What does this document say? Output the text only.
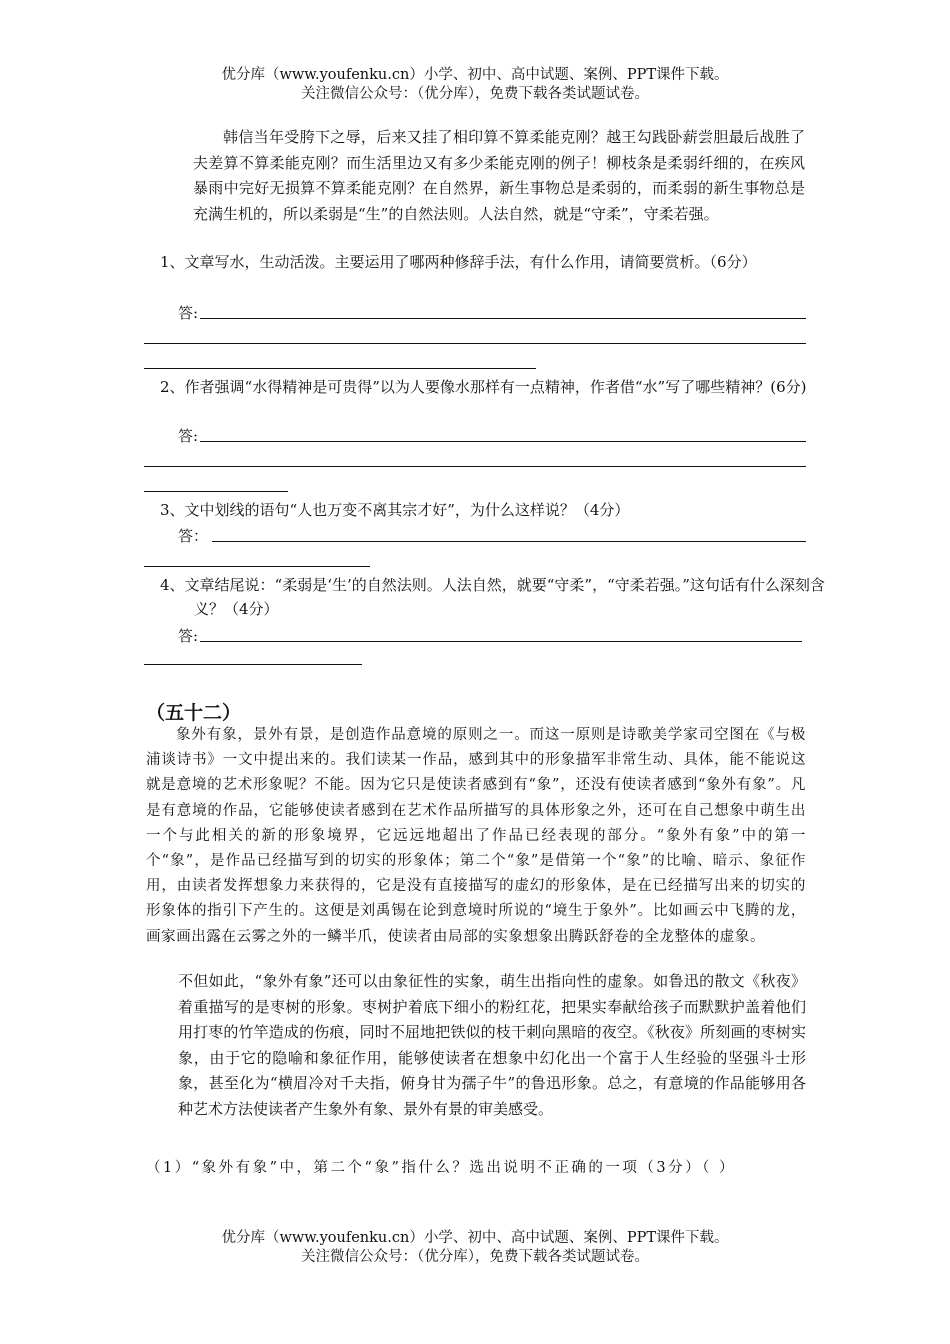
优分库（www.youfenku.cn）小学、初中、高中试题、案例、PPT课件下载。
关注微信公众号：（优分库），免费下载各类试题试卷。
韩信当年受胯下之辱，后来又挂了相印算不算柔能克刚？越王勾践卧薪尝胆最后战胜了夫差算不算柔能克刚？而生活里边又有多少柔能克刚的例子！柳枝条是柔弱纤细的，在疾风暴雨中完好无损算不算柔能克刚？在自然界，新生事物总是柔弱的，而柔弱的新生事物总是充满生机的，所以柔弱是“生”的自然法则。人法自然，就是“守柔”，守柔若强。
1、文章写水，生动活泼。主要运用了哪两种修辞手法，有什么作用，请简要赏析。（6分）
答:
2、作者强调“水得精神是可贵得”以为人要像水那样有一点精神，作者借“水”写了哪些精神？(6分)
答:
3、文中划线的语句“人也万变不离其宗才好”，为什么这样说？（4分）
答：
4、文章结尾说：“柔弱是‘生’的自然法则。人法自然，就要“守柔”，“守柔若强。”这句话有什么深刻含义？（4分）
答:
（五十二）
象外有象，景外有景，是创造作品意境的原则之一。而这一原则是诗歌美学家司空图在《与极浦谈诗书》一文中提出来的。我们读某一作品，感到其中的形象描军非常生动、具体，能不能说这就是意境的艺术形象呢？不能。因为它只是使读者感到有“象”，还没有使读者感到“象外有象”。凡是有意境的作品，它能够使读者感到在艺术作品所描写的具体形象之外，还可在自己想象中萌生出一个与此相关的新的形象境界，它远远地超出了作品已经表现的部分。“象外有象”中的第一个“象”，是作品已经描写到的切实的形象体；第二个“象”是借第一个“象”的比喻、暗示、象征作用，由读者发挥想象力来获得的，它是没有直接描写的虚幻的形象体，是在已经描写出来的切实的形象体的指引下产生的。这便是刘禹锡在论到意境时所说的“境生于象外”。比如画云中飞腾的龙，画家画出露在云雾之外的一鳞半爪，使读者由局部的实象想象出腾跃舒卷的全龙整体的虚象。
不但如此，“象外有象”还可以由象征性的实象，萌生出指向性的虚象。如鲁迅的散文《秋夜》着重描写的是枣树的形象。枣树护着底下细小的粉红花，把果实奉献给孩子而默默护盖着他们用打枣的竹竿造成的伤痕，同时不屈地把铁似的枝干刺向黑暗的夜空。《秋夜》所刻画的枣树实象，由于它的隐喻和象征作用，能够使读者在想象中幻化出一个富于人生经验的坚强斗士形象，甚至化为“横眉冷对千夫指，俯身甘为孺子牛”的鲁迅形象。总之，有意境的作品能够用各种艺术方法使读者产生象外有象、景外有景的审美感受。
（1）“象外有象”中，第二个“象”指什么？选出说明不正确的一项（3分）（ ）
优分库（www.youfenku.cn）小学、初中、高中试题、案例、PPT课件下载。
关注微信公众号：（优分库），免费下载各类试题试卷。
